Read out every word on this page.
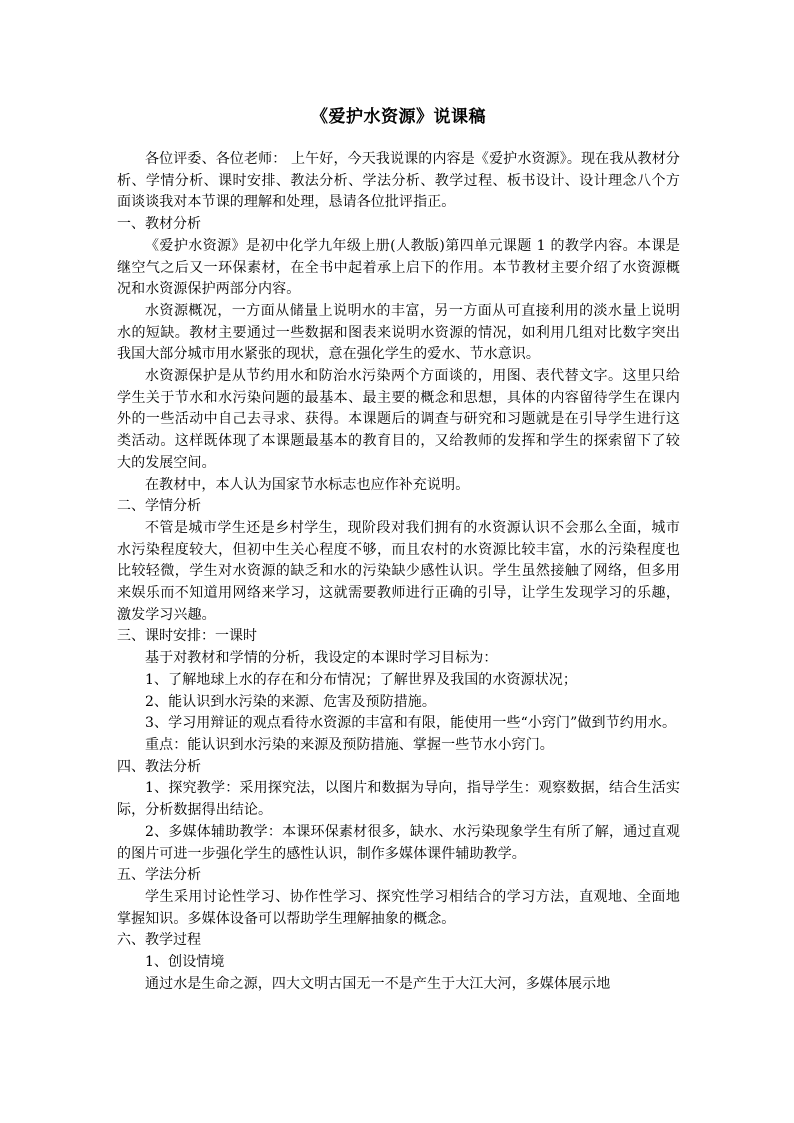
《爱护水资源》说课稿

各位评委、各位老师： 上午好，今天我说课的内容是《爱护水资源》。现在我从教材分析、学情分析、课时安排、教法分析、学法分析、教学过程、板书设计、设计理念八个方面谈谈我对本节课的理解和处理，恳请各位批评指正。

一、教材分析

《爱护水资源》是初中化学九年级上册(人教版)第四单元课题 1 的教学内容。本课是继空气之后又一环保素材，在全书中起着承上启下的作用。本节教材主要介绍了水资源概况和水资源保护两部分内容。

水资源概况，一方面从储量上说明水的丰富，另一方面从可直接利用的淡水量上说明水的短缺。教材主要通过一些数据和图表来说明水资源的情况，如利用几组对比数字突出我国大部分城市用水紧张的现状，意在强化学生的爱水、节水意识。

水资源保护是从节约用水和防治水污染两个方面谈的，用图、表代替文字。这里只给学生关于节水和水污染问题的最基本、最主要的概念和思想，具体的内容留待学生在课内外的一些活动中自己去寻求、获得。本课题后的调查与研究和习题就是在引导学生进行这类活动。这样既体现了本课题最基本的教育目的，又给教师的发挥和学生的探索留下了较大的发展空间。

在教材中，本人认为国家节水标志也应作补充说明。

二、学情分析

不管是城市学生还是乡村学生，现阶段对我们拥有的水资源认识不会那么全面，城市水污染程度较大，但初中生关心程度不够，而且农村的水资源比较丰富，水的污染程度也比较轻微，学生对水资源的缺乏和水的污染缺少感性认识。学生虽然接触了网络，但多用来娱乐而不知道用网络来学习，这就需要教师进行正确的引导，让学生发现学习的乐趣，激发学习兴趣。

三、课时安排：一课时

基于对教材和学情的分析，我设定的本课时学习目标为：

1、了解地球上水的存在和分布情况；了解世界及我国的水资源状况；

2、能认识到水污染的来源、危害及预防措施。

3、学习用辩证的观点看待水资源的丰富和有限，能使用一些“小窍门”做到节约用水。

重点：能认识到水污染的来源及预防措施、掌握一些节水小窍门。

四、教法分析

1、探究教学：采用探究法，以图片和数据为导向，指导学生：观察数据，结合生活实际，分析数据得出结论。

2、多媒体辅助教学：本课环保素材很多，缺水、水污染现象学生有所了解，通过直观的图片可进一步强化学生的感性认识，制作多媒体课件辅助教学。

五、学法分析

学生采用讨论性学习、协作性学习、探究性学习相结合的学习方法，直观地、全面地掌握知识。多媒体设备可以帮助学生理解抽象的概念。

六、教学过程

1、创设情境

通过水是生命之源，四大文明古国无一不是产生于大江大河，多媒体展示地
